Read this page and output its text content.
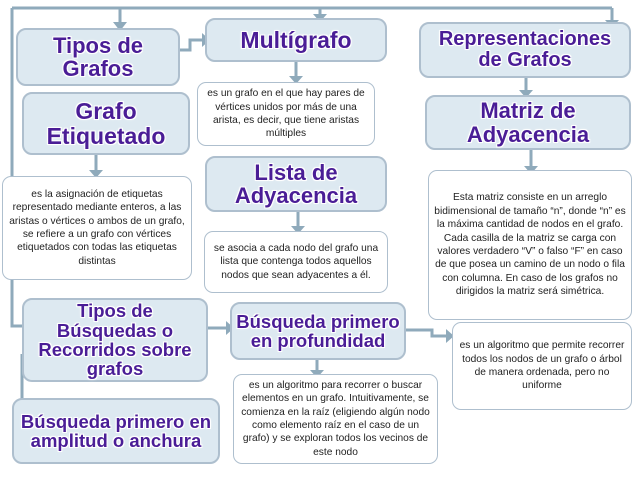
Tipos de Grafos
Multígrafo	Representaciones de Grafos
es un grafo en el que hay pares de vértices unidos por más de una arista, es decir, que tiene aristas múltiples
Grafo Etiquetado
Matriz de Adyacencia
Lista de Adyacencia
es la asignación de etiquetas representado mediante enteros, a las aristas o vértices o ambos de un grafo, se refiere a un grafo con vértices etiquetados con todas las etiquetas distintas
Esta matriz consiste en un arreglo bidimensional de tamaño “n”, donde “n” es la máxima cantidad de nodos en el grafo. Cada casilla de la matriz se carga con valores verdadero “V” o falso “F” en caso de que posea un camino de un nodo o fila con columna. En caso de los grafos no dirigidos la matriz será simétrica.
se asocia a cada nodo del grafo una lista que contenga todos aquellos nodos que sean adyacentes a él.
Tipos de Búsquedas o Recorridos sobre grafos
Búsqueda primero en profundidad	es un algoritmo que permite recorrer todos los nodos de un grafo o árbol de manera ordenada, pero no uniforme
es un algoritmo para recorrer o buscar elementos en un grafo. Intuitivamente, se comienza en la raíz (eligiendo algún nodo como elemento raíz en el caso de un grafo) y se exploran todos los vecinos de este nodo
Búsqueda primero en amplitud o anchura
